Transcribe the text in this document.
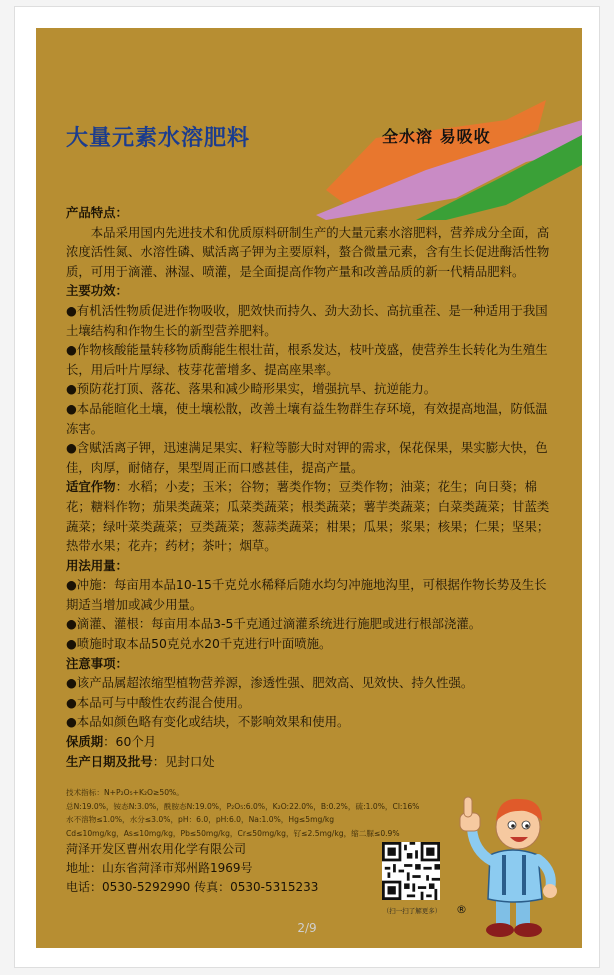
大量元素水溶肥料	全水溶 易吸收

产品特点：

本品采用国内先进技术和优质原料研制生产的大量元素水溶肥料，营养成分全面，高浓度活性氮、水溶性磷、赋活离子钾为主要原料，螯合微量元素，含有生长促进酶活性物质，可用于滴灌、淋湿、喷灌，是全面提高作物产量和改善品质的新一代精品肥料。

主要功效：

●有机活性物质促进作物吸收，肥效快而持久、劲大劲长、高抗重茬、是一种适用于我国土壤结构和作物生长的新型营养肥料。

●作物核酸能量转移物质酶能生根壮苗，根系发达，枝叶茂盛，使营养生长转化为生殖生长，用后叶片厚绿、枝芽花蕾增多、提高座果率。

●预防花打顶、落花、落果和减少畸形果实，增强抗旱、抗逆能力。

●本品能暄化土壤，使土壤松散，改善土壤有益生物群生存环境，有效提高地温，防低温冻害。

●含赋活离子钾，迅速满足果实、籽粒等膨大时对钾的需求，保花保果，果实膨大快，色佳，肉厚，耐储存，果型周正而口感甚佳，提高产量。

适宜作物：水稻；小麦；玉米；谷物；薯类作物；豆类作物；油菜；花生；向日葵；棉花；糖料作物；茄果类蔬菜；瓜菜类蔬菜；根类蔬菜；薯芋类蔬菜；白菜类蔬菜；甘蓝类蔬菜；绿叶菜类蔬菜；豆类蔬菜；葱蒜类蔬菜；柑果；瓜果；浆果；核果；仁果；坚果；热带水果；花卉；药材；茶叶；烟草。

用法用量：

●冲施：每亩用本品10-15千克兑水稀释后随水均匀冲施地沟里，可根据作物长势及生长期适当增加或减少用量。

●滴灌、灌根：每亩用本品3-5千克通过滴灌系统进行施肥或进行根部浇灌。

●喷施时取本品50克兑水20千克进行叶面喷施。

注意事项：

●该产品属超浓缩型植物营养源，渗透性强、肥效高、见效快、持久性强。

●本品可与中酸性农药混合使用。

●本品如颜色略有变化或结块，不影响效果和使用。

保质期：60个月

生产日期及批号：见封口处

技术指标：N+P₂O₅+K₂O≥50%。
总N:19.0%，铵态N:3.0%，酰胺态N:19.0%，P₂O₅:6.0%，K₂O:22.0%，B:0.2%，硫:1.0%，Cl:16%
水不溶物≤1.0%，水分≤3.0%，pH：6.0，pH:6.0，Na:1.0%，Hg≤5mg/kg
Cd≤10mg/kg，As≤10mg/kg，Pb≤50mg/kg，Cr≤50mg/kg，钌≤2.5mg/kg，缩二脲≤0.9%
菏泽开发区曹州农用化学有限公司
地址：山东省菏泽市郑州路1969号
电话：0530-5292990 传真：0530-5315233
（扫一扫了解更多）	®
2/9
